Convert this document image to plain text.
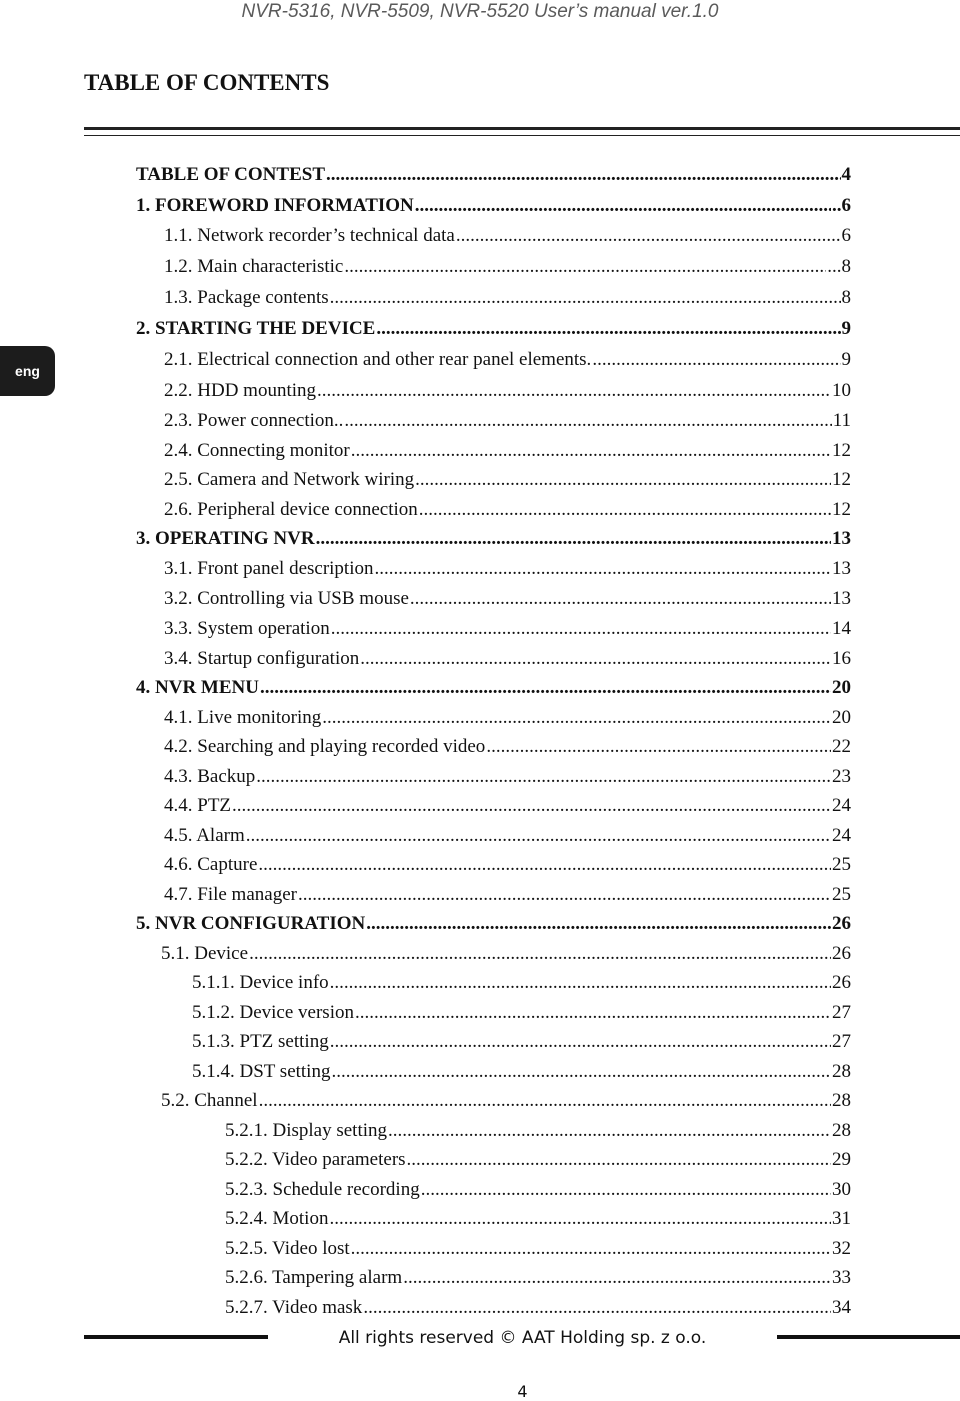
NVR-5316, NVR-5509, NVR-5520 User’s manual ver.1.0
TABLE OF CONTENTS
eng
TABLE OF CONTEST .....	4
1. FOREWORD INFORMATION .....	..6
1.1. Network recorder’s technical data .....	6
1.2. Main characteristic .....	...8
1.3. Package contents .....	8
2. STARTING THE DEVICE .....	9
2.1. Electrical connection and other rear panel elements. .....	9
2.2. HDD mounting .....	10
2.3. Power connection.. .....	11
2.4. Connecting monitor .....	12
2.5. Camera and Network wiring .....	12
2.6. Peripheral device connection .....	12
3. OPERATING NVR .....	13
3.1. Front panel description .....	13
3.2. Controlling via USB mouse .....	13
3.3. System operation .....	14
3.4. Startup configuration .....	16
4. NVR MENU .....	20
4.1. Live monitoring .....	20
4.2. Searching and playing recorded video .....	22
4.3. Backup .....	23
4.4. PTZ .....	24
4.5. Alarm .....	24
4.6. Capture .....	25
4.7. File manager .....	25
5. NVR CONFIGURATION .....	26
5.1. Device .....	26
5.1.1. Device info .....	26
5.1.2. Device version .....	27
5.1.3. PTZ setting .....	27
5.1.4. DST setting .....	28
5.2. Channel .....	28
5.2.1. Display setting .....	28
5.2.2. Video parameters .....	29
5.2.3. Schedule recording .....	30
5.2.4. Motion .....	31
5.2.5. Video lost .....	32
5.2.6. Tampering alarm .....	33
5.2.7. Video mask .....	34
All rights reserved © AAT Holding sp. z o.o.
4
